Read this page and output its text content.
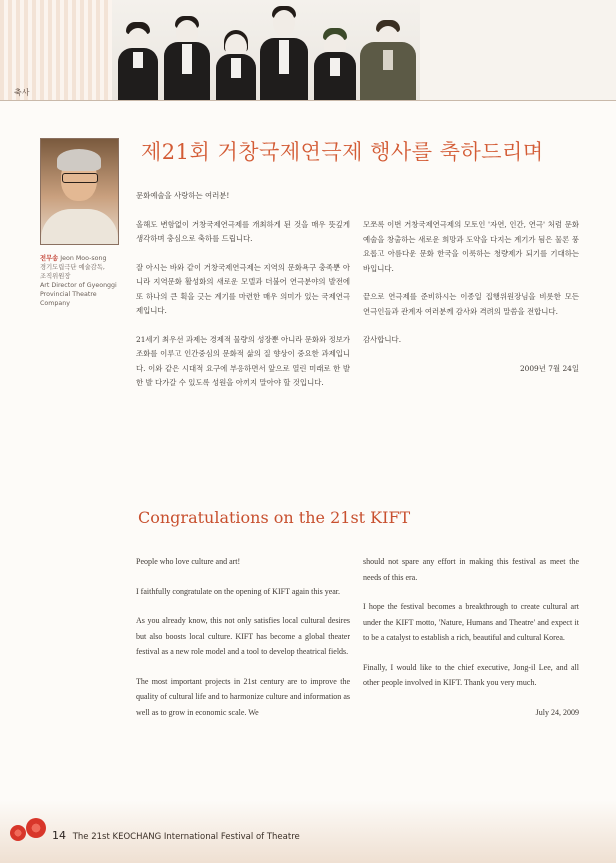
축사
전무송 Jeon Moo-song
경기도립극단 예술감독,
조직위원장
Art Director of Gyeonggi
Provincial Theatre
Company
제21회 거창국제연극제 행사를 축하드리며

문화예술을 사랑하는 여러분!

올해도 변함없이 거창국제연극제를 개최하게 된 것을 매우 뜻깊게 생각하며 충심으로 축하를 드립니다.

잘 아시는 바와 같이 거창국제연극제는 지역의 문화욕구 충족뿐 아니라 지역문화 활성화의 새로운 모델과 더불어 연극분야의 발전에 또 하나의 큰 획을 긋는 계기를 마련한 매우 의미가 있는 국제연극제입니다.

21세기 최우선 과제는 경제적 물량의 성장뿐 아니라 문화와 정보가 조화를 이루고 인간중심의 문화적 삶의 질 향상이 중요한 과제입니다. 이와 같은 시대적 요구에 부응하면서 앞으로 열린 미래로 한 발 한 발 다가갈 수 있도록 성원을 아끼지 말아야 할 것입니다.

모쪼록 이번 거창국제연극제의 모토인 '자연, 인간, 연극' 처럼 문화예술을 창출하는 새로운 희망과 도약을 다지는 계기가 됨은 물론 풍요롭고 아름다운 문화 한국을 이룩하는 청량제가 되기를 기대하는 바입니다.

끝으로 연극제를 준비하시는 이종일 집행위원장님을 비롯한 모든 연극인들과 관계자 여러분께 감사와 격려의 말씀을 전합니다.

감사합니다.

2009년 7월 24일

Congratulations on the 21st KIFT

People who love culture and art!

I faithfully congratulate on the opening of KIFT again this year.

As you already know, this not only satisfies local cultural desires but also boosts local culture. KIFT has become a global theater festival as a new role model and a tool to develop theatrical fields.

The most important projects in 21st century are to improve the quality of cultural life and to harmonize culture and information as well as to grow in economic scale. We

should not spare any effort in making this festival as meet the needs of this era.

I hope the festival becomes a breakthrough to create cultural art under the KIFT motto, 'Nature, Humans and Theatre' and expect it to be a catalyst to establish a rich, beautiful and cultural Korea.

Finally, I would like to the chief executive, Jong-il Lee, and all other people involved in KIFT. Thank you very much.

July 24, 2009

14 The 21st KEOCHANG International Festival of Theatre
